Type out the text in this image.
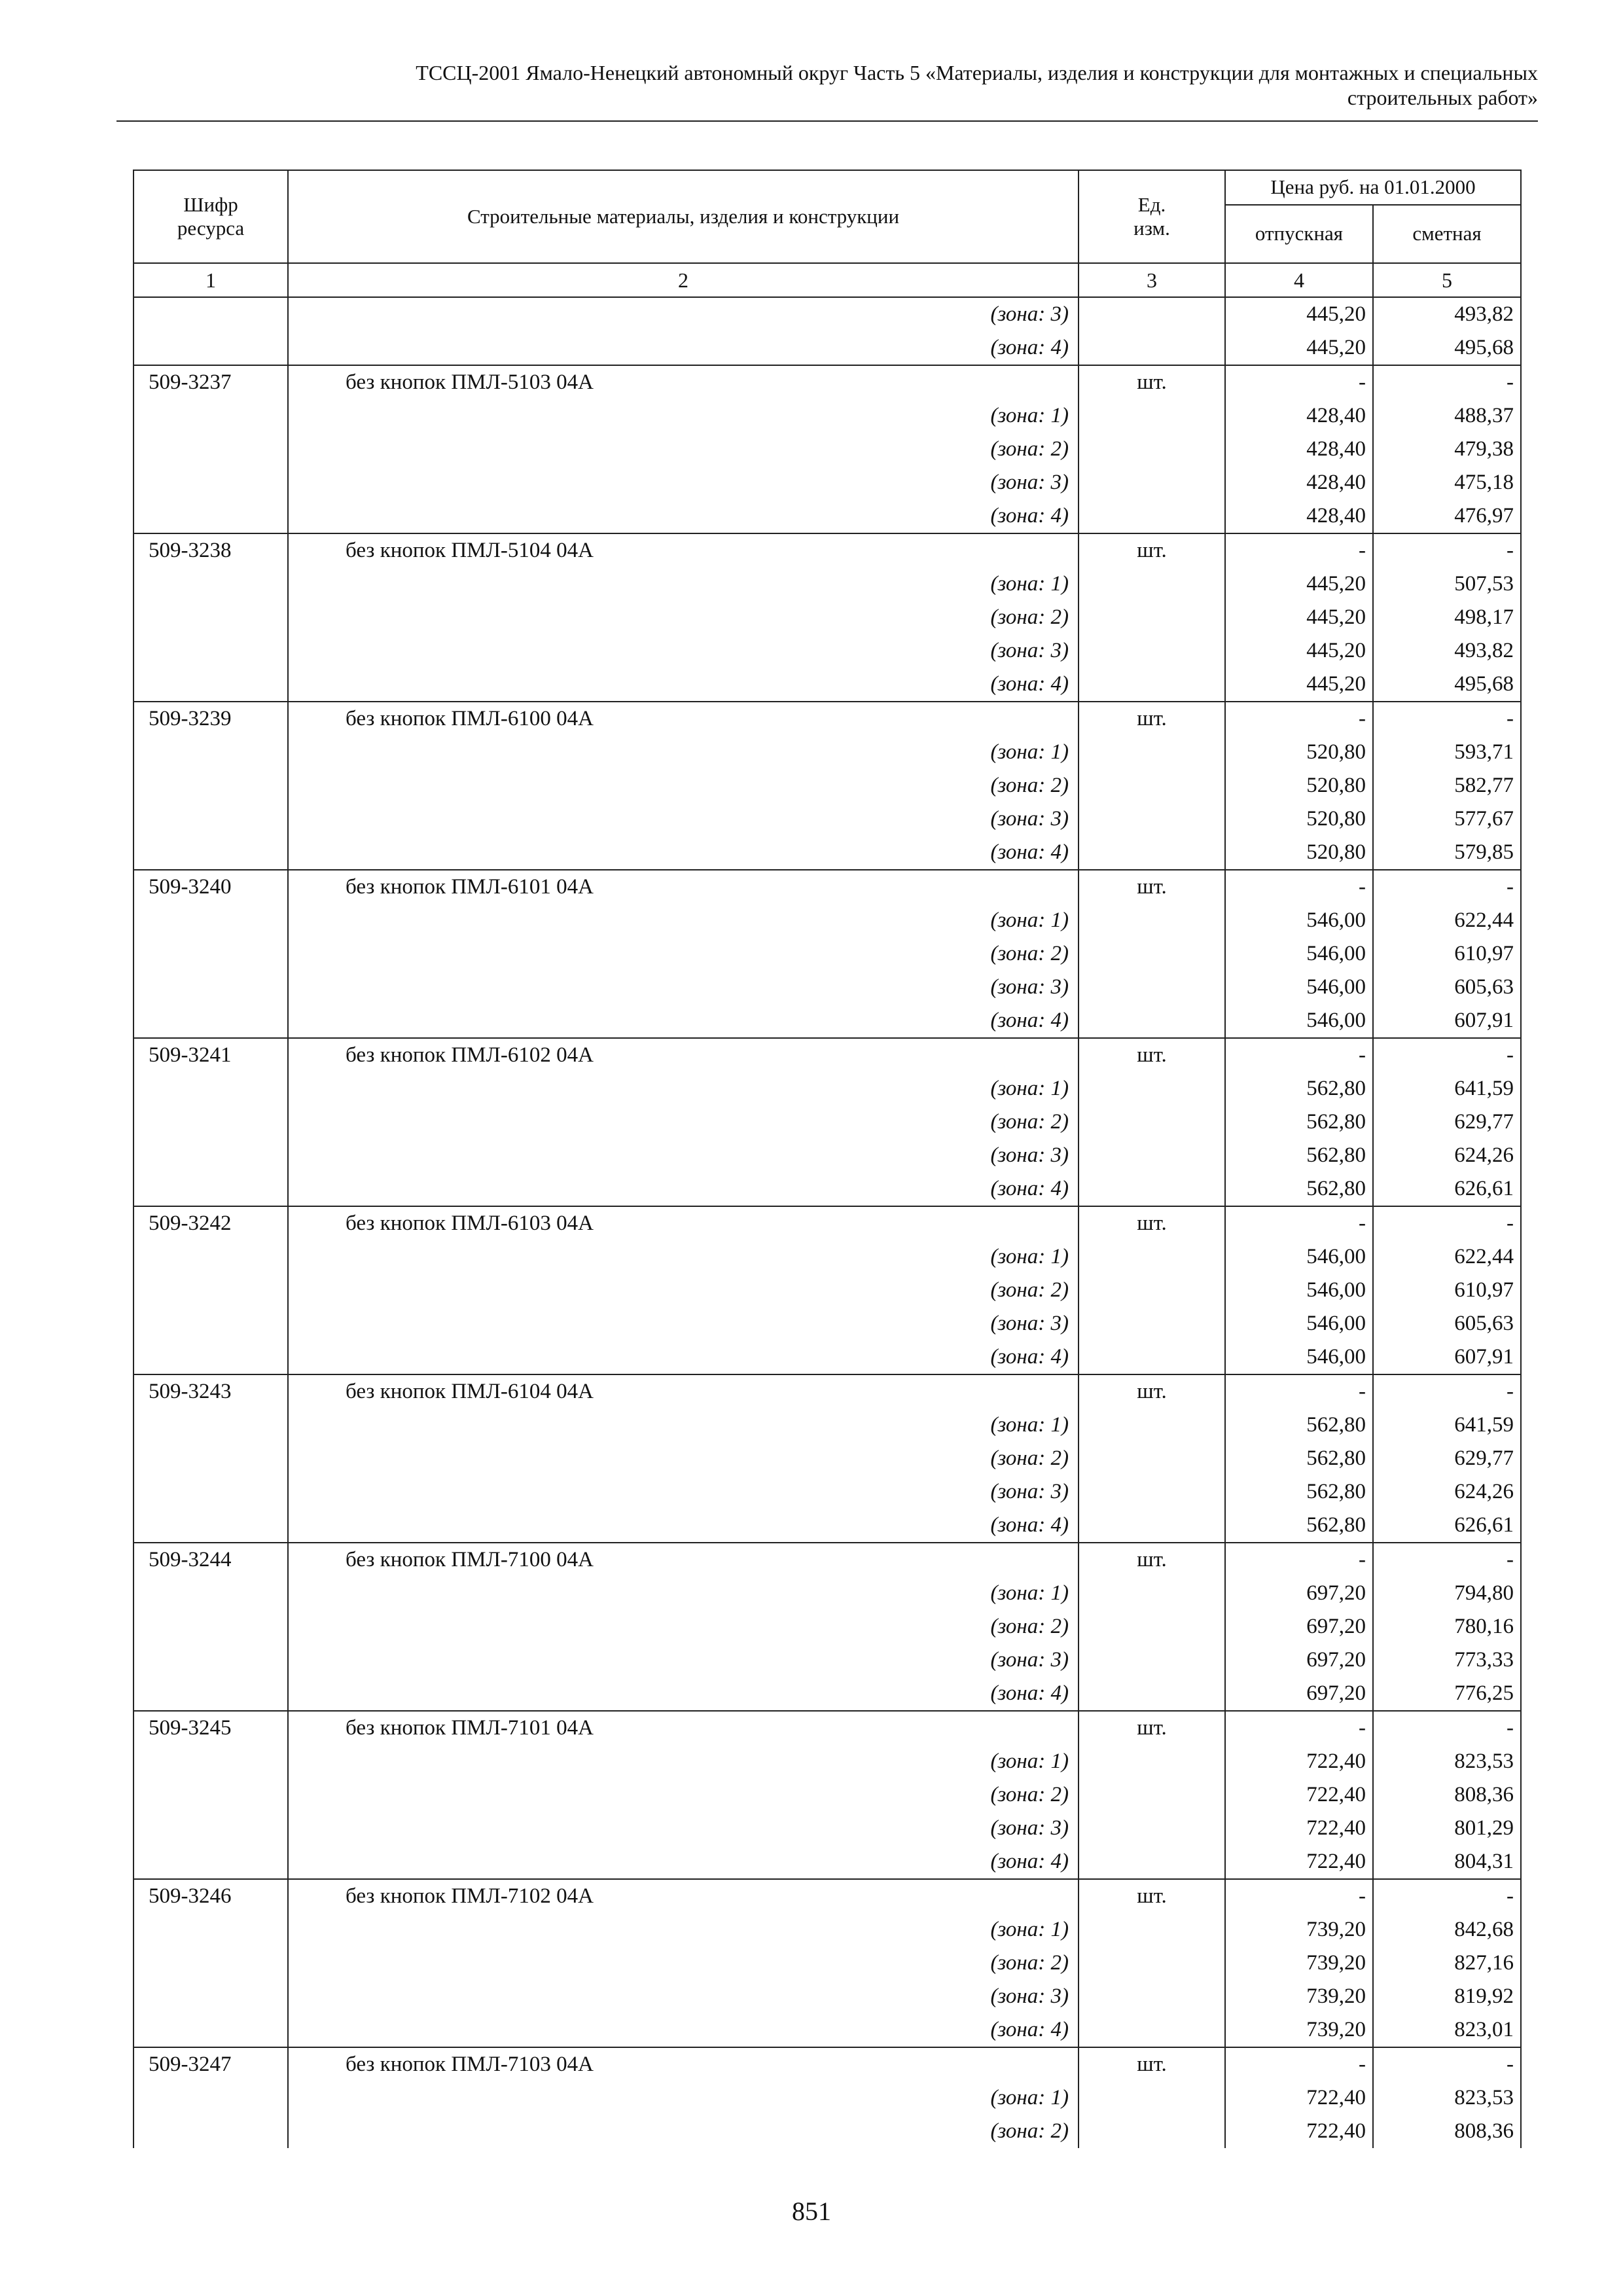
ТССЦ-2001 Ямало-Ненецкий автономный округ Часть 5 «Материалы, изделия и конструкции для монтажных и специальных
строительных работ»
Шифр ресурса	Строительные материалы, изделия и конструкции	Ед. изм.	Цена руб. на 01.01.2000	
			отпускная	сметная
1	2	3	4	5
	(зона: 3)		445,20	493,82
	(зона: 4)		445,20	495,68
509-3237	без кнопок ПМЛ-5103 04А	шт.	-	-
	(зона: 1)		428,40	488,37
	(зона: 2)		428,40	479,38
	(зона: 3)		428,40	475,18
	(зона: 4)		428,40	476,97
509-3238	без кнопок ПМЛ-5104 04А	шт.	-	-
	(зона: 1)		445,20	507,53
	(зона: 2)		445,20	498,17
	(зона: 3)		445,20	493,82
	(зона: 4)		445,20	495,68
509-3239	без кнопок ПМЛ-6100 04А	шт.	-	-
	(зона: 1)		520,80	593,71
	(зона: 2)		520,80	582,77
	(зона: 3)		520,80	577,67
	(зона: 4)		520,80	579,85
509-3240	без кнопок ПМЛ-6101 04А	шт.	-	-
	(зона: 1)		546,00	622,44
	(зона: 2)		546,00	610,97
	(зона: 3)		546,00	605,63
	(зона: 4)		546,00	607,91
509-3241	без кнопок ПМЛ-6102 04А	шт.	-	-
	(зона: 1)		562,80	641,59
	(зона: 2)		562,80	629,77
	(зона: 3)		562,80	624,26
	(зона: 4)		562,80	626,61
509-3242	без кнопок ПМЛ-6103 04А	шт.	-	-
	(зона: 1)		546,00	622,44
	(зона: 2)		546,00	610,97
	(зона: 3)		546,00	605,63
	(зона: 4)		546,00	607,91
509-3243	без кнопок ПМЛ-6104 04А	шт.	-	-
	(зона: 1)		562,80	641,59
	(зона: 2)		562,80	629,77
	(зона: 3)		562,80	624,26
	(зона: 4)		562,80	626,61
509-3244	без кнопок ПМЛ-7100 04А	шт.	-	-
	(зона: 1)		697,20	794,80
	(зона: 2)		697,20	780,16
	(зона: 3)		697,20	773,33
	(зона: 4)		697,20	776,25
509-3245	без кнопок ПМЛ-7101 04А	шт.	-	-
	(зона: 1)		722,40	823,53
	(зона: 2)		722,40	808,36
	(зона: 3)		722,40	801,29
	(зона: 4)		722,40	804,31
509-3246	без кнопок ПМЛ-7102 04А	шт.	-	-
	(зона: 1)		739,20	842,68
	(зона: 2)		739,20	827,16
	(зона: 3)		739,20	819,92
	(зона: 4)		739,20	823,01
509-3247	без кнопок ПМЛ-7103 04А	шт.	-	-
	(зона: 1)		722,40	823,53
	(зона: 2)		722,40	808,36
851
